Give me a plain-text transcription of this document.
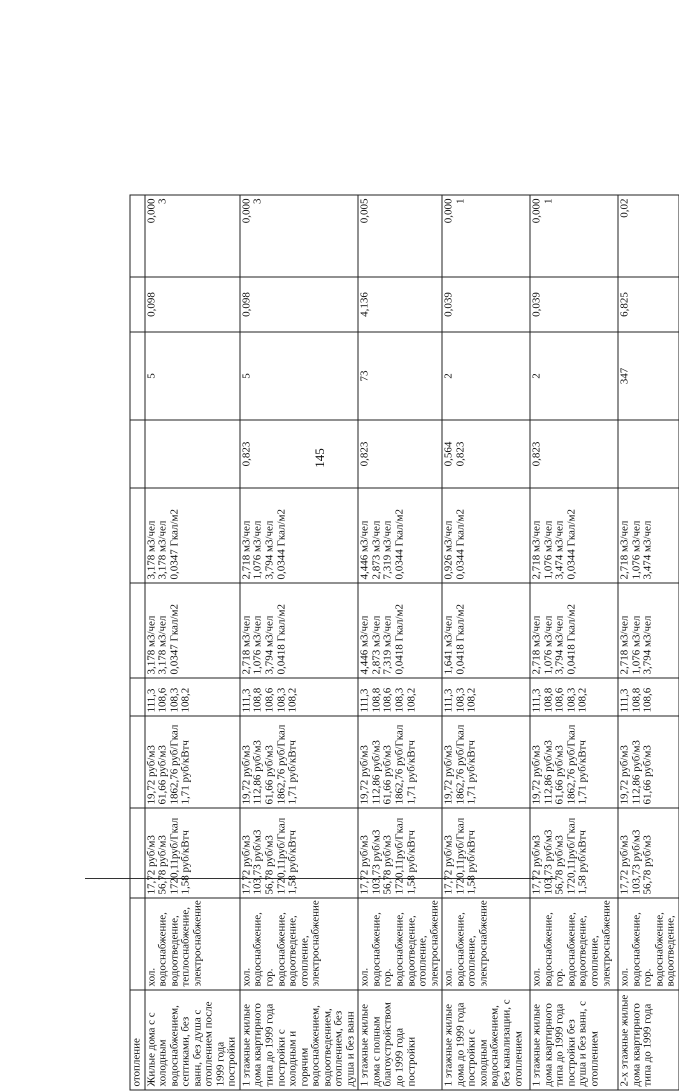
145
отопление										
Жилые дома с с холодным водоснабжением, септиками, без ванн, без душа с отоплением после 1999 года постройки	хол. водоснабжение, водоотведение, теплоснабжение, электроснабжение	17,72 руб/м3
56,78 руб/м3
1720,11руб/Гкал
1,58 руб/кВтч	19,72 руб/м3
61,66 руб/м3
1862,76 руб/Гкал
1,71 руб/кВтч	111,3
108,6
108,3
108,2	3,178 м3/чел
3,178 м3/чел
0,0347 Гкал/м2	3,178 м3/чел
3,178 м3/чел
0,0347 Гкал/м2		5	0,098	0,000
3
1 этажные жилые дома квартирного типа до 1999 года постройки с холодным и горячим водоснабжением, водоотведением, отоплением, без душа и без ванн	хол. водоснабжение, гор. водоснабжение, водоотведение, отопление, электроснабжение	17,72 руб/м3
103,73 руб/м3
56,78 руб/м3
1720,11руб/Гкал
1,58 руб/кВтч	19,72 руб/м3
112,86 руб/м3
61,66 руб/м3
1862,76 руб/Гкал
1,71 руб/кВтч	111,3
108,8
108,6
108,3
108,2	2,718 м3/чел
1,076 м3/чел
3,794 м3/чел
0,0418 Гкал/м2	2,718 м3/чел
1,076 м3/чел
3,794 м3/чел
0,0344 Гкал/м2	0,823	5	0,098	0,000
3
1 этажные жилые дома с полным благоустройством до 1999 года постройки	хол. водоснабжение, гор. водоснабжение, водоотведение, отопление, электроснабжение	17,72 руб/м3
103,73 руб/м3
56,78 руб/м3
1720,11руб/Гкал
1,58 руб/кВтч	19,72 руб/м3
112,86 руб/м3
61,66 руб/м3
1862,76 руб/Гкал
1,71 руб/кВтч	111,3
108,8
108,6
108,3
108,2	4,446 м3/чел
2,873 м3/чел
7,319 м3/чел
0,0418 Гкал/м2	4,446 м3/чел
2,873 м3/чел
7,319 м3/чел
0,0344 Гкал/м2	0,823	73	4,136	0,005
1 этажные жилые дома до 1999 года постройки с холодным водоснабжением, без канализации, с отоплением	хол. водоснабжение, отопление, электроснабжение	17,72 руб/м3
1720,11руб/Гкал
1,58 руб/кВтч	19,72 руб/м3
1862,76 руб/Гкал
1,71 руб/кВтч	111,3
108,3
108,2	1,641 м3/чел
0,0418 Гкал/м2	0,926 м3/чел
0,0344 Гкал/м2	0,564
0,823	2	0,039	0,000
1
1 этажные жилые дома квартирного типа до 1999 года постройки без душа и без ванн, с отоплением	хол. водоснабжение, гор. водоснабжение, водоотведение, отопление, электроснабжение	17,72 руб/м3
103,73 руб/м3
56,78 руб/м3
1720,11руб/Гкал
1,58 руб/кВтч	19,72 руб/м3
112,86 руб/м3
61,66 руб/м3
1862,76 руб/Гкал
1,71 руб/кВтч	111,3
108,8
108,6
108,3
108,2	2,718 м3/чел
1,076 м3/чел
3,794 м3/чел
0,0418 Гкал/м2	2,718 м3/чел
1,076 м3/чел
3,474 м3/чел
0,0344 Гкал/м2	0,823	2	0,039	0,000
1
2-х этажные жилые дома квартирного типа до 1999 года	хол. водоснабжение, гор. водоснабжение, водоотведение,	17,72 руб/м3
103,73 руб/м3
56,78 руб/м3	19,72 руб/м3
112,86 руб/м3
61,66 руб/м3	111,3
108,8
108,6	2,718 м3/чел
1,076 м3/чел
3,794 м3/чел	2,718 м3/чел
1,076 м3/чел
3,474 м3/чел		347	6,825	0,02
